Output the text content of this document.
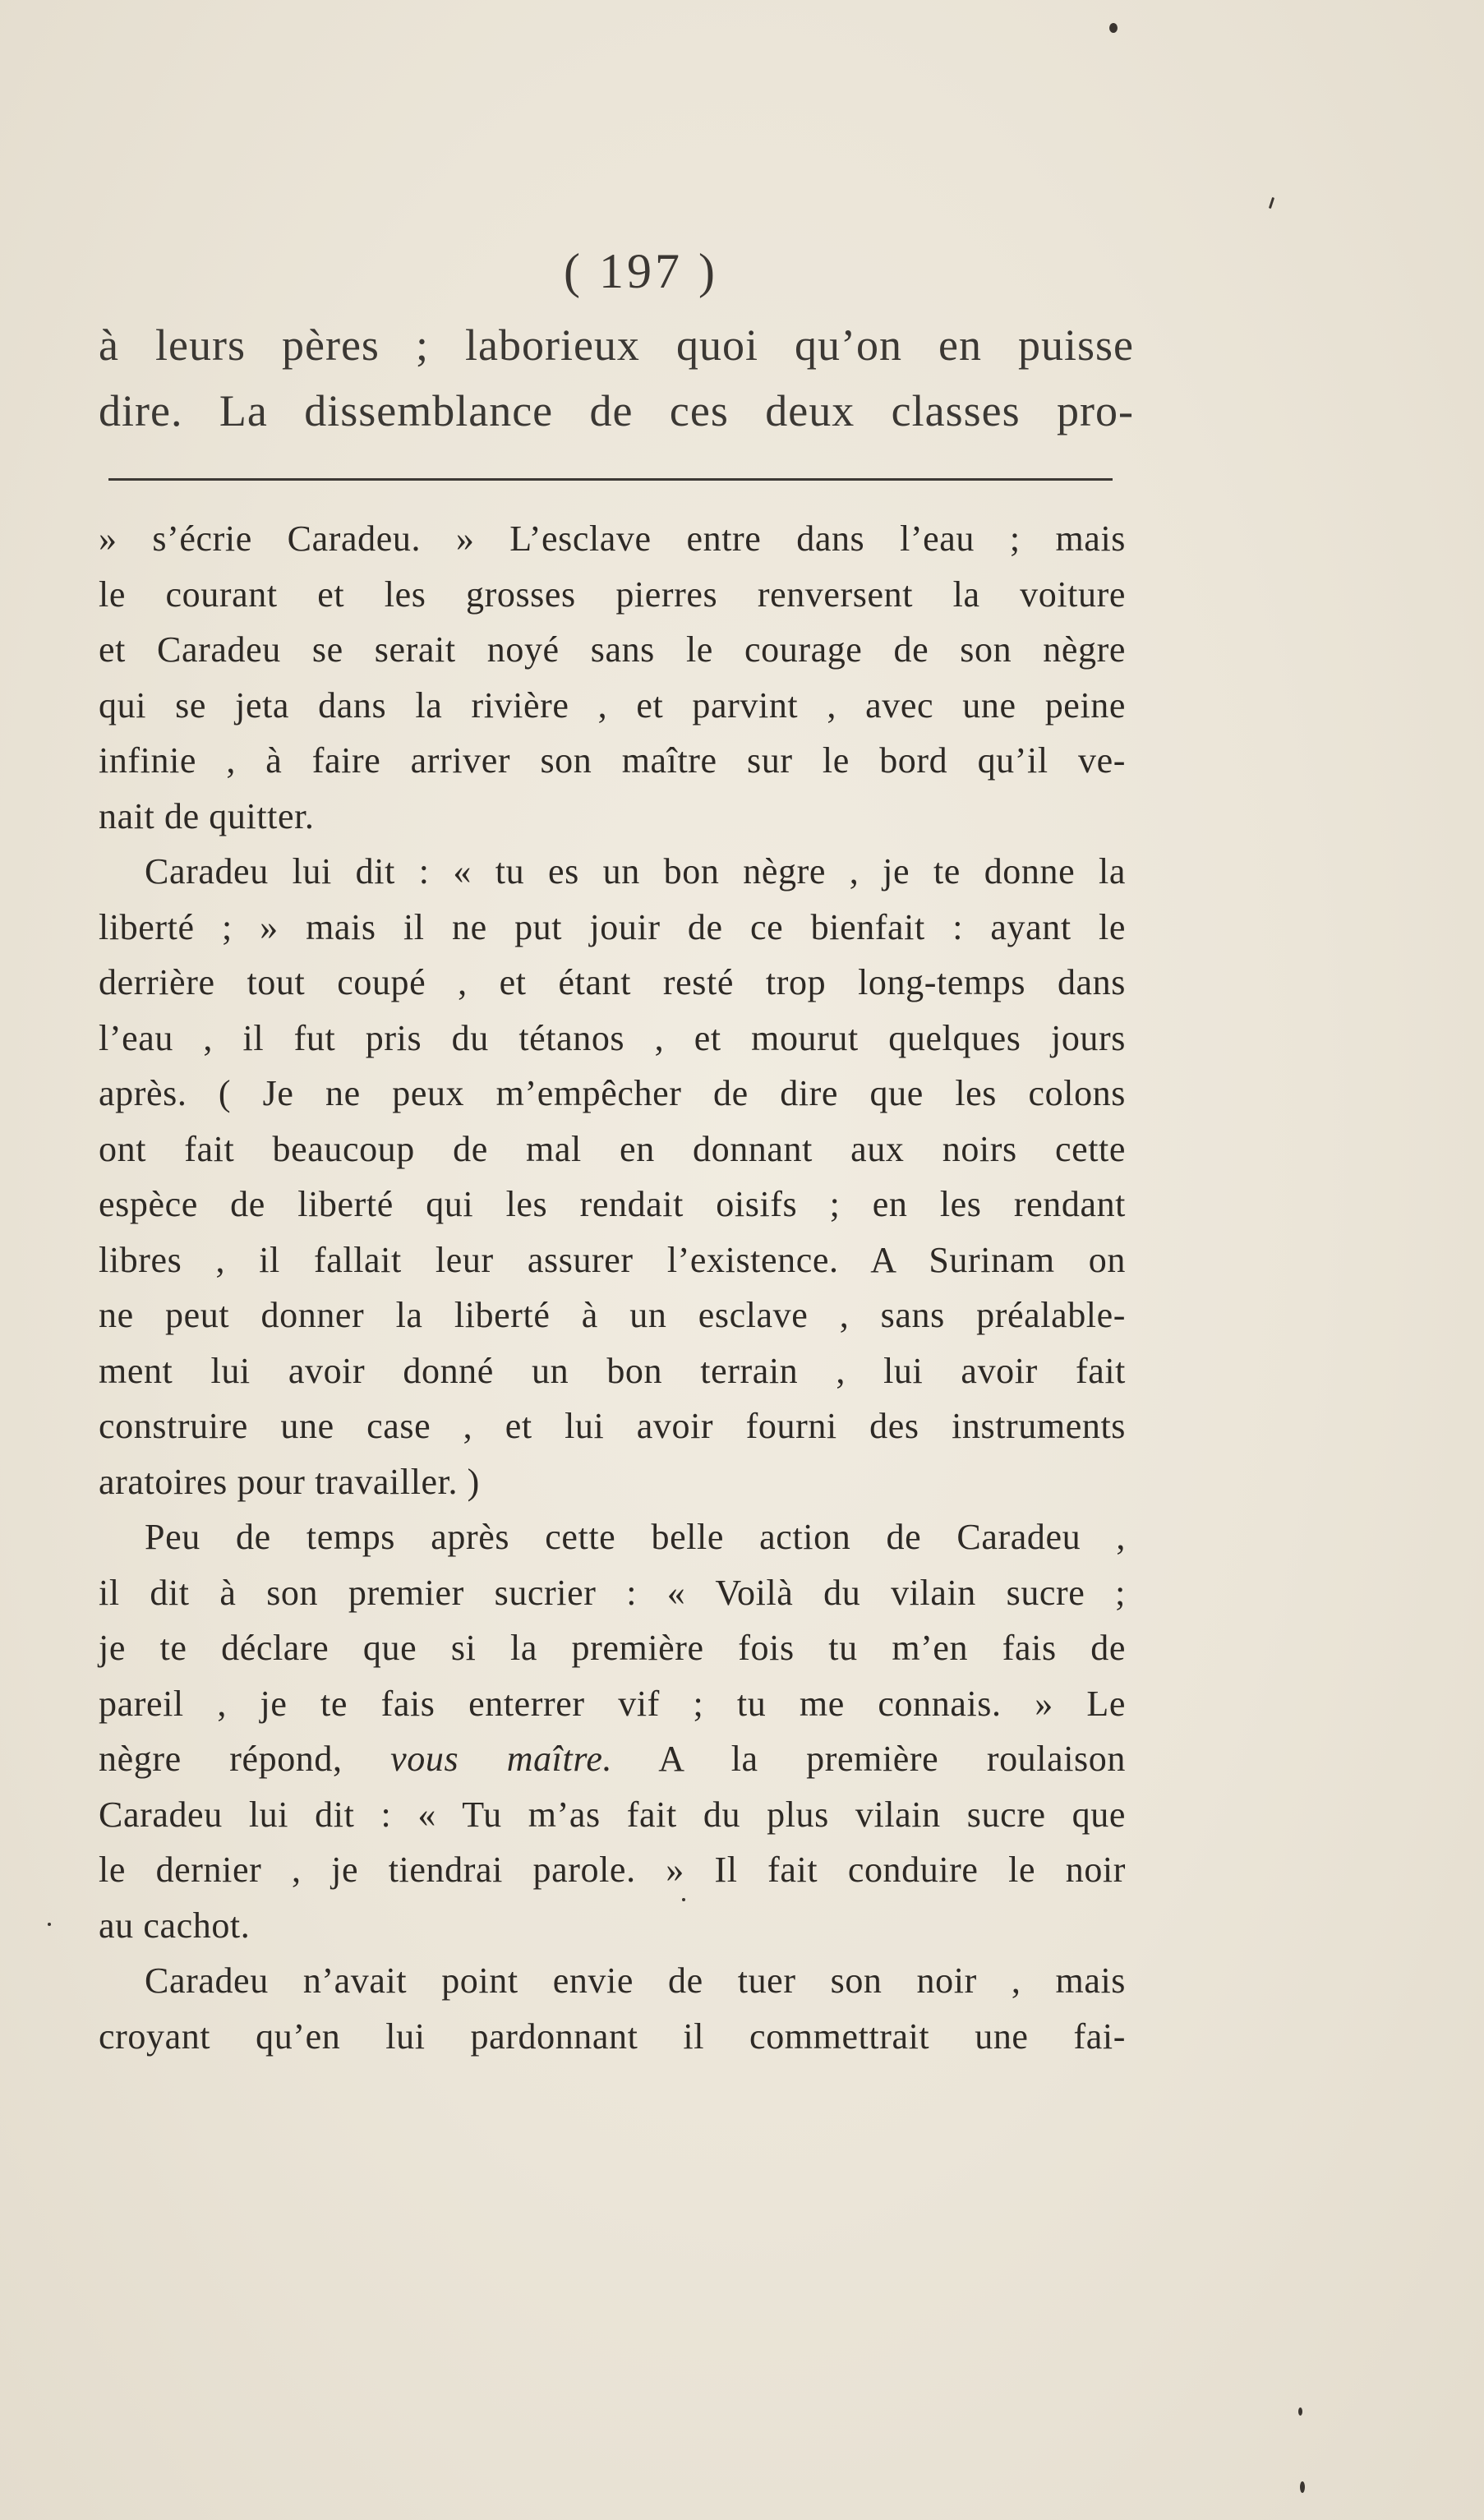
( 197 )
à leurs pères ; laborieux quoi qu’on en puisse
dire. La dissemblance de ces deux classes pro-
» s’écrie Caradeu. » L’esclave entre dans l’eau ; mais
le courant et les grosses pierres renversent la voiture
et Caradeu se serait noyé sans le courage de son nègre
qui se jeta dans la rivière , et parvint , avec une peine
infinie , à faire arriver son maître sur le bord qu’il ve-
nait de quitter.
Caradeu lui dit : « tu es un bon nègre , je te donne la
liberté ; » mais il ne put jouir de ce bienfait : ayant le
derrière tout coupé , et étant resté trop long-temps dans
l’eau , il fut pris du tétanos , et mourut quelques jours
après. ( Je ne peux m’empêcher de dire que les colons
ont fait beaucoup de mal en donnant aux noirs cette
espèce de liberté qui les rendait oisifs ; en les rendant
libres , il fallait leur assurer l’existence. A Surinam on
ne peut donner la liberté à un esclave , sans préalable-
ment lui avoir donné un bon terrain , lui avoir fait
construire une case , et lui avoir fourni des instruments
aratoires pour travailler. )
Peu de temps après cette belle action de Caradeu ,
il dit à son premier sucrier : « Voilà du vilain sucre ;
je te déclare que si la première fois tu m’en fais de
pareil , je te fais enterrer vif ; tu me connais. » Le
nègre répond, vous maître. A la première roulaison
Caradeu lui dit : « Tu m’as fait du plus vilain sucre que
le dernier , je tiendrai parole. » Il fait conduire le noir
au cachot.
Caradeu n’avait point envie de tuer son noir , mais
croyant qu’en lui pardonnant il commettrait une fai-
